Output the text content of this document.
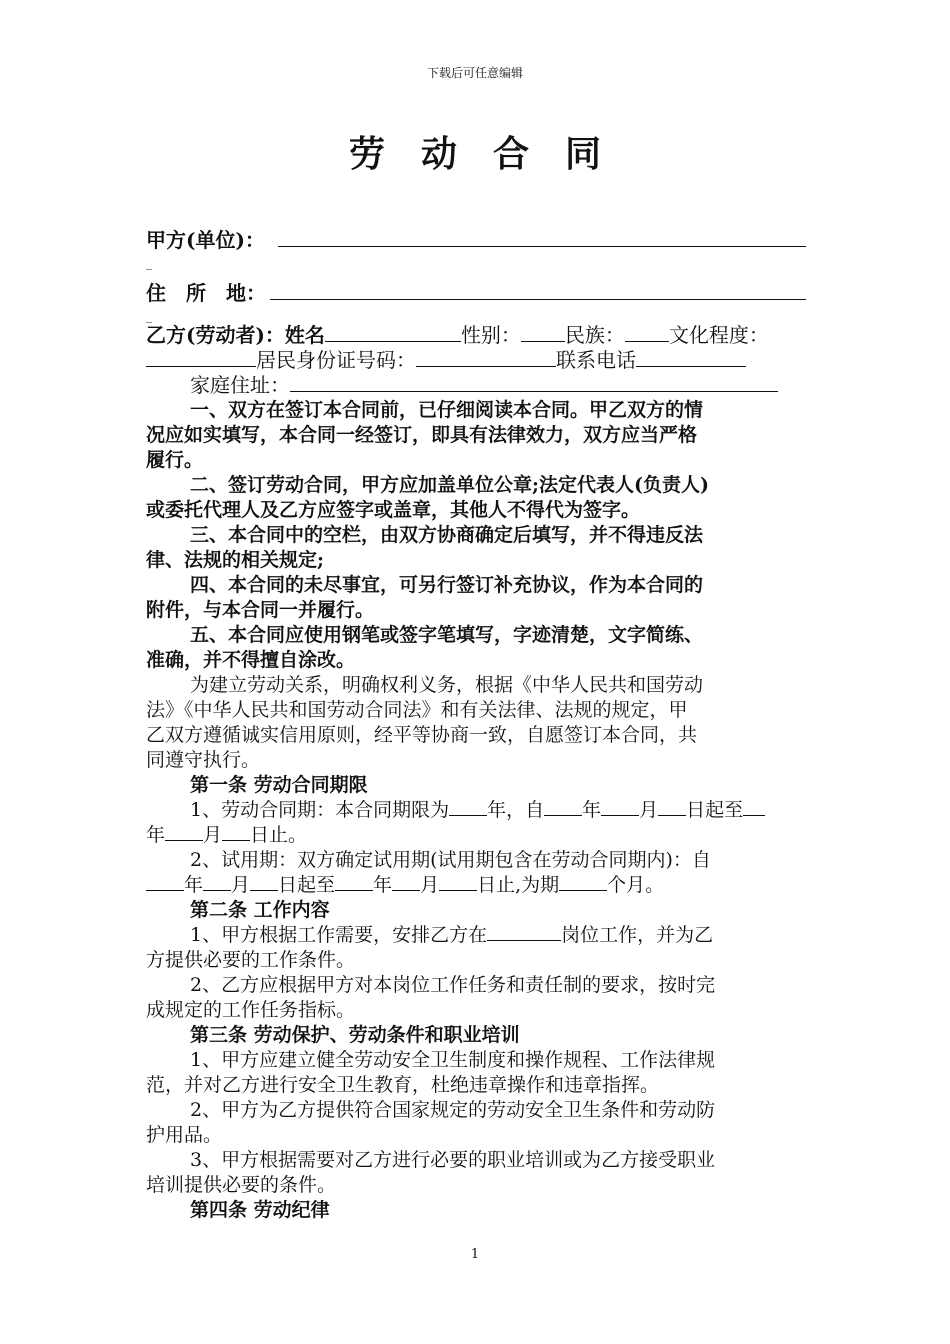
下载后可任意编辑
劳动合同
甲方(单位)：
_
住　所　地：
_
乙方(劳动者)：姓名	性别： 民族： 文化程度：
居民身份证号码：	联系电话
家庭住址：
一、双方在签订本合同前，已仔细阅读本合同。甲乙双方的情
况应如实填写，本合同一经签订，即具有法律效力，双方应当严格
履行。
二、签订劳动合同，甲方应加盖单位公章;法定代表人(负责人)
或委托代理人及乙方应签字或盖章，其他人不得代为签字。
三、本合同中的空栏，由双方协商确定后填写，并不得违反法
律、法规的相关规定;
四、本合同的未尽事宜，可另行签订补充协议，作为本合同的
附件，与本合同一并履行。
五、本合同应使用钢笔或签字笔填写，字迹清楚，文字简练、
准确，并不得擅自涂改。
为建立劳动关系，明确权利义务，根据《中华人民共和国劳动
法》《中华人民共和国劳动合同法》和有关法律、法规的规定，甲
乙双方遵循诚实信用原则，经平等协商一致，自愿签订本合同，共
同遵守执行。
第一条 劳动合同期限
1、劳动合同期：本合同期限为 年，自 年 月 日起至
年 月 日止。
2、试用期：双方确定试用期(试用期包含在劳动合同期内)：自
年 月 日起至 年 月 日止,为期	个月。
第二条 工作内容
1、甲方根据工作需要，安排乙方在	岗位工作，并为乙
方提供必要的工作条件。
2、乙方应根据甲方对本岗位工作任务和责任制的要求，按时完
成规定的工作任务指标。
第三条 劳动保护、劳动条件和职业培训
1、甲方应建立健全劳动安全卫生制度和操作规程、工作法律规
范，并对乙方进行安全卫生教育，杜绝违章操作和违章指挥。
2、甲方为乙方提供符合国家规定的劳动安全卫生条件和劳动防
护用品。
3、甲方根据需要对乙方进行必要的职业培训或为乙方接受职业
培训提供必要的条件。
第四条 劳动纪律
1
